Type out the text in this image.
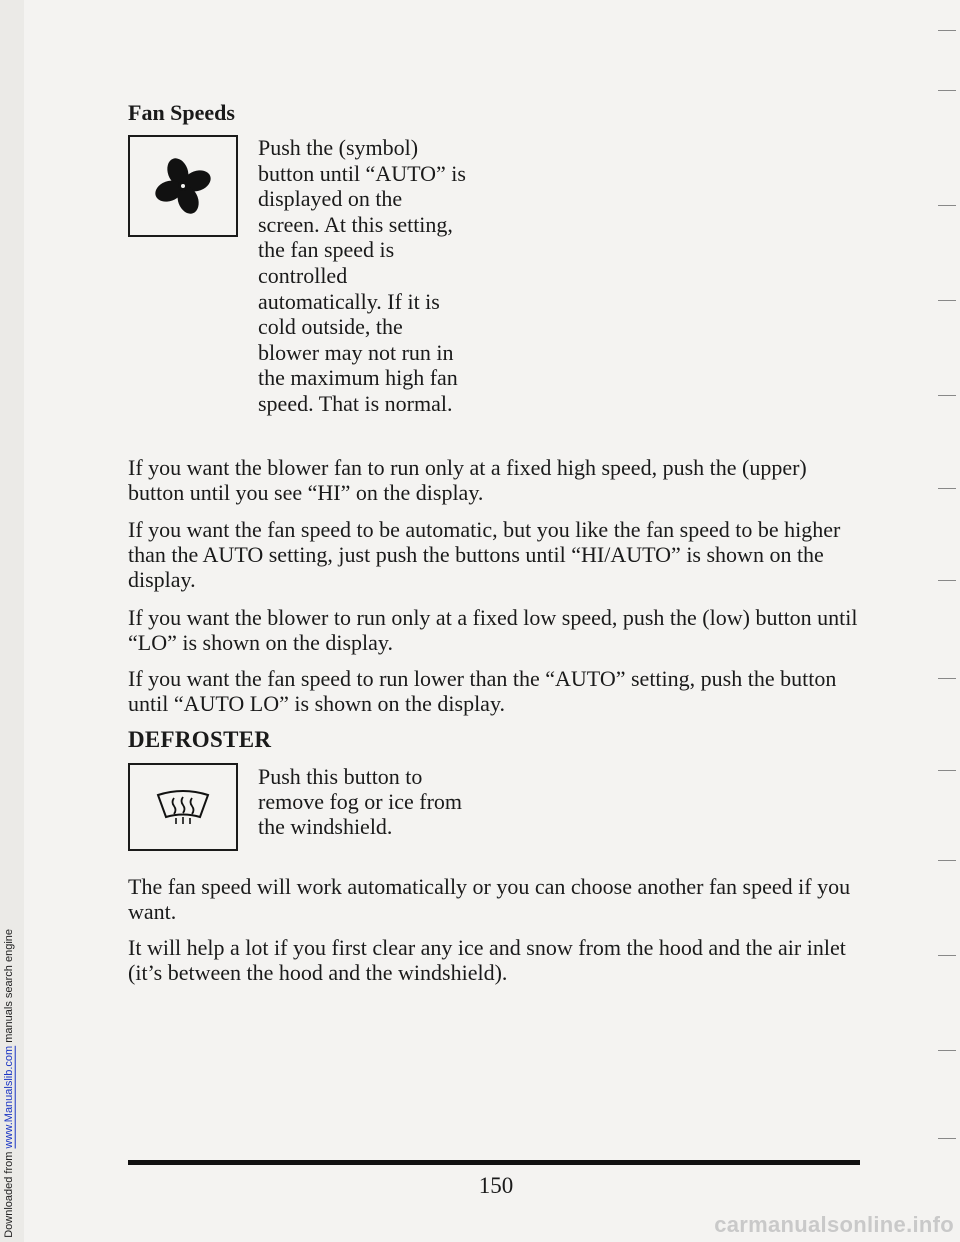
Downloaded from www.Manualslib.com manuals search engine
Fan Speeds
Push the (symbol)
button until “AUTO” is
displayed on the
screen. At this setting,
the fan speed is
controlled
automatically. If it is
cold outside, the
blower may not run in
the maximum high fan
speed. That is normal.
If you want the blower fan to run only at a fixed high speed, push the (upper) button until you see “HI” on the display.
If you want the fan speed to be automatic, but you like the fan speed to be higher than the AUTO setting, just push the buttons until “HI/AUTO” is shown on the display.
If you want the blower to run only at a fixed low speed, push the (low) button until “LO” is shown on the display.
If you want the fan speed to run lower than the “AUTO” setting, push the button until “AUTO LO” is shown on the display.
DEFROSTER
Push this button to
remove fog or ice from
the windshield.
The fan speed will work automatically or you can choose another fan speed if you want.
It will help a lot if you first clear any ice and snow from the hood and the air inlet (it’s between the hood and the windshield).
150
carmanualsonline.info
